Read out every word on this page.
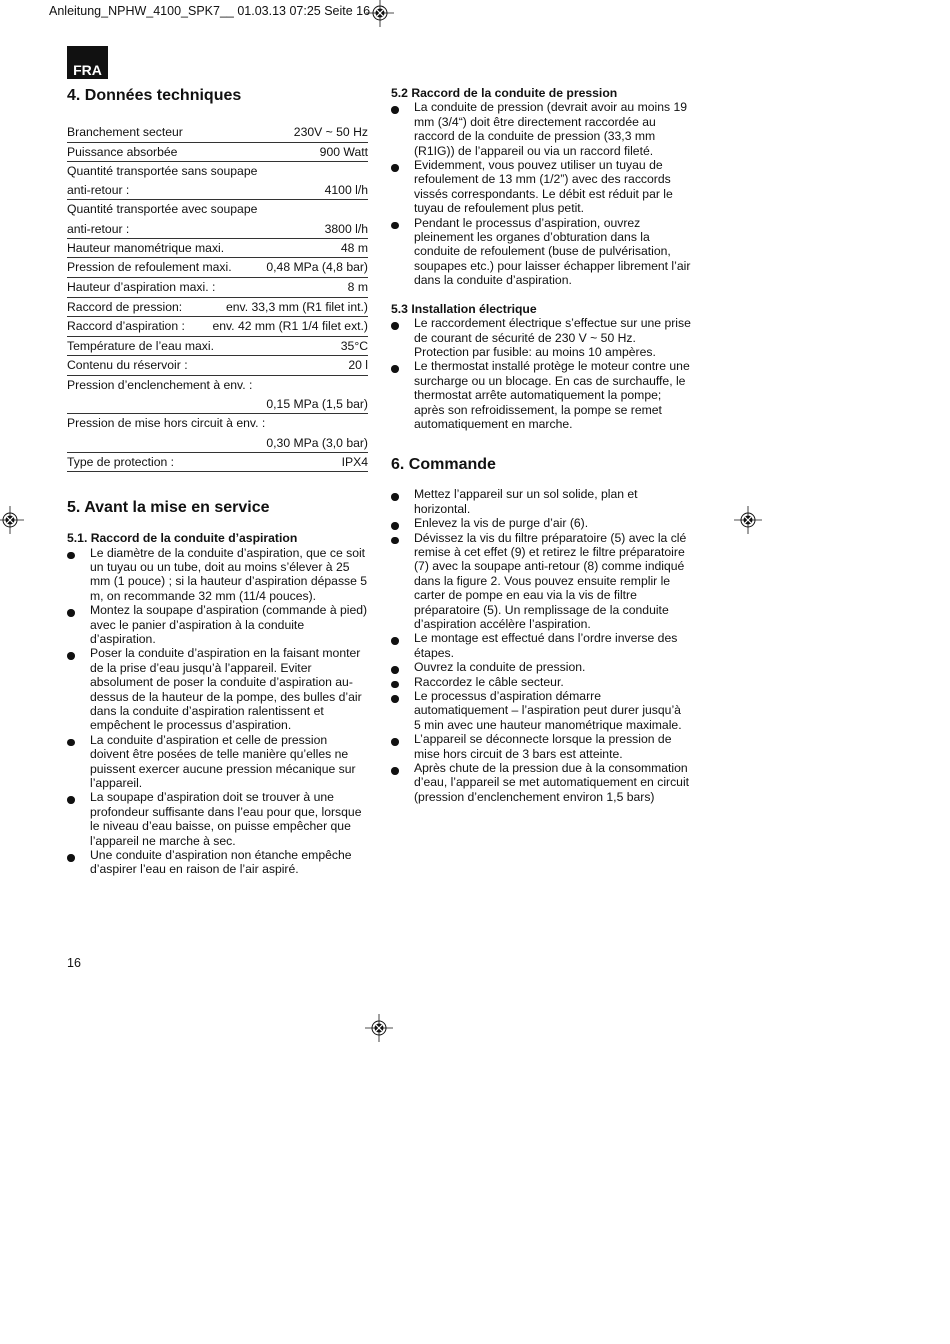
Anleitung_NPHW_4100_SPK7__ 01.03.13 07:25 Seite 16
FRA
4. Données techniques
Branchement secteur	230V ~ 50 Hz
Puissance absorbée	900 Watt
Quantité transportée sans soupape
anti-retour :	4100 l/h
Quantité transportée avec soupape
anti-retour :	3800 l/h
Hauteur manométrique maxi.	48 m
Pression de refoulement maxi.	0,48 MPa (4,8 bar)
Hauteur d’aspiration maxi. :	8 m
Raccord de pression:	env. 33,3 mm (R1 filet int.)
Raccord d’aspiration : env. 42 mm (R1 1/4 filet ext.)
Température de l’eau maxi.	35°C
Contenu du réservoir :	20 l
Pression d’enclenchement à env. :
0,15 MPa (1,5 bar)
Pression de mise hors circuit à env. :
0,30 MPa (3,0 bar)
Type de protection :	IPX4
5. Avant la mise en service
5.1. Raccord de la conduite d’aspiration
Le diamètre de la conduite d’aspiration, que ce soit un tuyau ou un tube, doit au moins s’élever à 25 mm (1 pouce) ; si la hauteur d’aspiration dépasse 5 m, on recommande 32 mm (11/4 pouces).
Montez la soupape d’aspiration (commande à pied) avec le panier d’aspiration à la conduite d’aspiration.
Poser la conduite d’aspiration en la faisant monter de la prise d’eau jusqu’à l’appareil. Eviter absolument de poser la conduite d’aspiration au-dessus de la hauteur de la pompe, des bulles d’air dans la conduite d’aspiration ralentissent et empêchent le processus d’aspiration.
La conduite d’aspiration et celle de pression doivent être posées de telle manière qu’elles ne puissent exercer aucune pression mécanique sur l’appareil.
La soupape d’aspiration doit se trouver à une profondeur suffisante dans l’eau pour que, lorsque le niveau d’eau baisse, on puisse empêcher que l’appareil ne marche à sec.
Une conduite d’aspiration non étanche empêche d’aspirer l’eau en raison de l’air aspiré.
5.2 Raccord de la conduite de pression
La conduite de pression (devrait avoir au moins 19 mm (3/4“) doit être directement raccordée au raccord de la conduite de pression (33,3 mm (R1IG)) de l’appareil ou via un raccord fileté.
Evidemment, vous pouvez utiliser un tuyau de refoulement de 13 mm (1/2”) avec des raccords vissés correspondants. Le débit est réduit par le tuyau de refoulement plus petit.
Pendant le processus d’aspiration, ouvrez pleinement les organes d’obturation dans la conduite de refoulement (buse de pulvérisation, soupapes etc.) pour laisser échapper librement l’air dans la conduite d’aspiration.
5.3 Installation électrique
Le raccordement électrique s’effectue sur une prise de courant de sécurité de 230 V ~ 50 Hz. Protection par fusible: au moins 10 ampères.
Le thermostat installé protège le moteur contre une surcharge ou un blocage. En cas de surchauffe, le thermostat arrête automatiquement la pompe; après son refroidissement, la pompe se remet automatiquement en marche.
6. Commande
Mettez l’appareil sur un sol solide, plan et horizontal.
Enlevez la vis de purge d’air (6).
Dévissez la vis du filtre préparatoire (5) avec la clé remise à cet effet (9) et retirez le filtre préparatoire (7) avec la soupape anti-retour (8) comme indiqué dans la figure 2. Vous pouvez ensuite remplir le carter de pompe en eau via la vis de filtre préparatoire (5). Un remplissage de la conduite d’aspiration accélère l’aspiration.
Le montage est effectué dans l’ordre inverse des étapes.
Ouvrez la conduite de pression.
Raccordez le câble secteur.
Le processus d’aspiration démarre automatiquement – l’aspiration peut durer jusqu’à 5 min avec une hauteur manométrique maximale.
L’appareil se déconnecte lorsque la pression de mise hors circuit de 3 bars est atteinte.
Après chute de la pression due à la consommation d’eau, l’appareil se met automatiquement en circuit (pression d’enclenchement environ 1,5 bars)
16
